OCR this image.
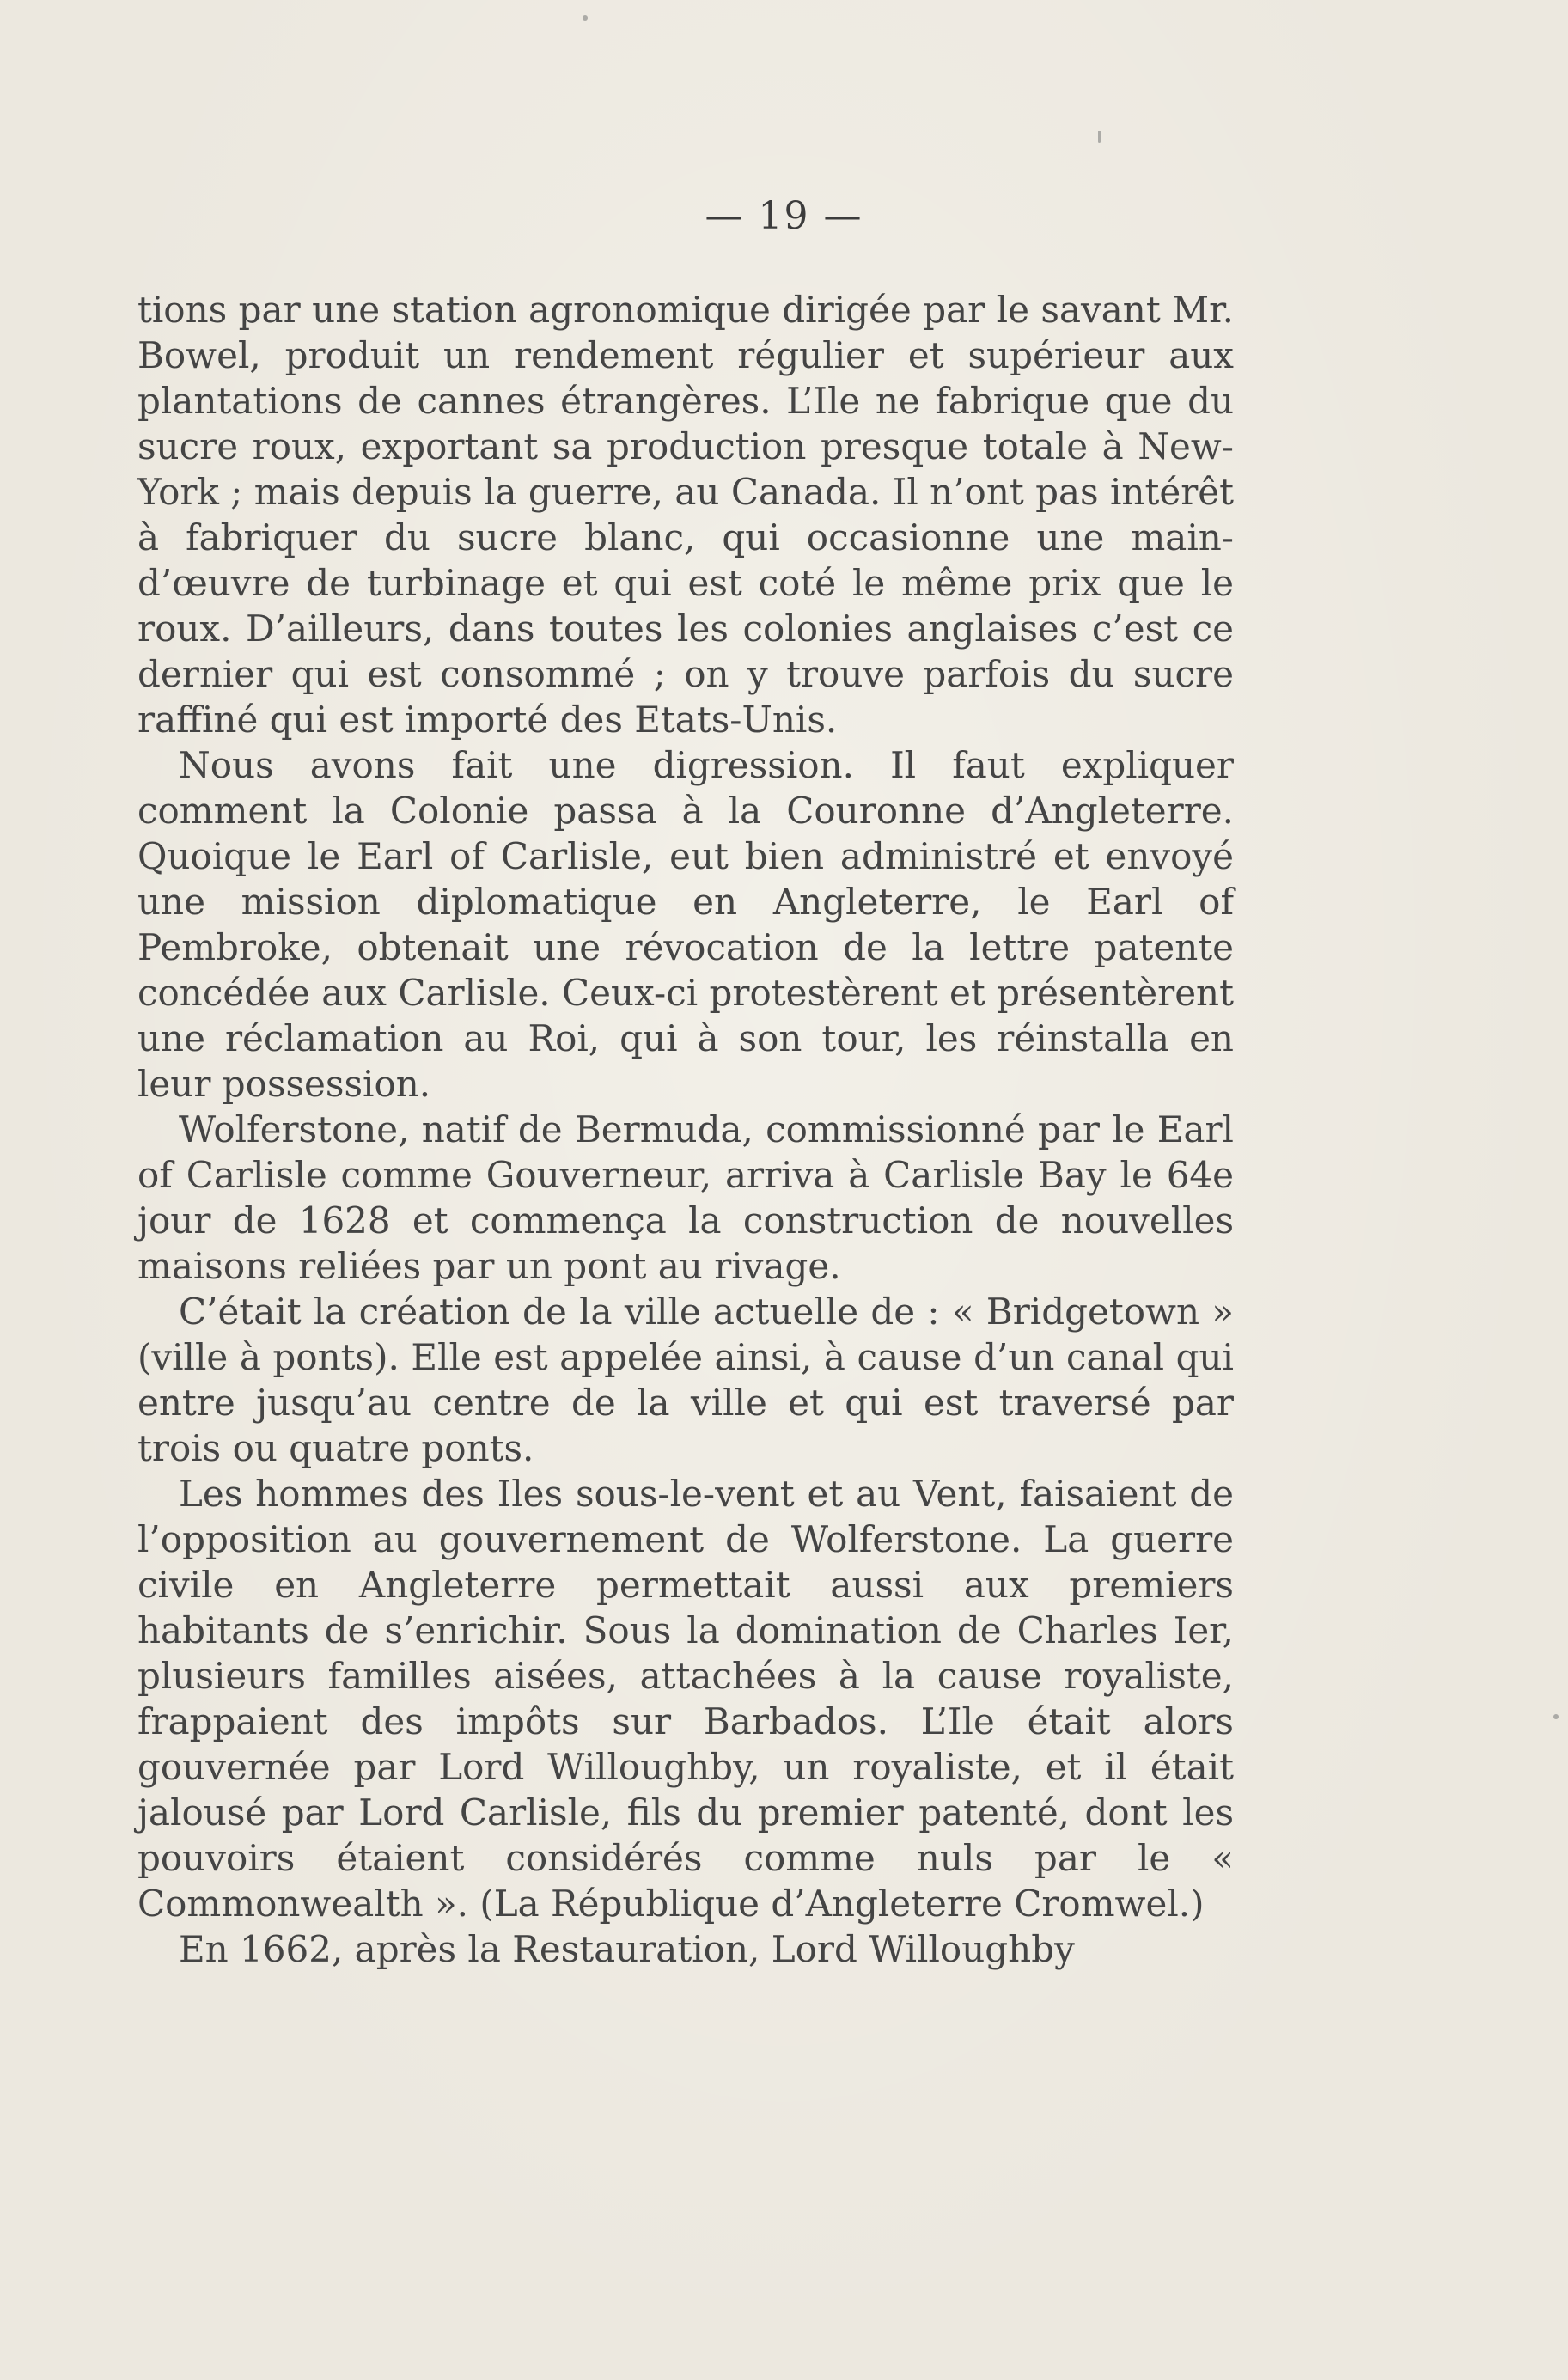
— 19 —

tions par une station agronomique dirigée par le savant Mr. Bowel, produit un rendement régulier et supérieur aux plantations de cannes étrangères. L’Ile ne fabrique que du sucre roux, exportant sa production presque totale à New-York ; mais depuis la guerre, au Canada. Il n’ont pas intérêt à fabriquer du sucre blanc, qui occasionne une main-d’œuvre de turbinage et qui est coté le même prix que le roux. D’ailleurs, dans toutes les colonies anglaises c’est ce dernier qui est consommé ; on y trouve parfois du sucre raffiné qui est importé des Etats-Unis.

Nous avons fait une digression. Il faut expliquer comment la Colonie passa à la Couronne d’Angleterre. Quoique le Earl of Carlisle, eut bien administré et envoyé une mission diplomatique en Angleterre, le Earl of Pembroke, obtenait une révocation de la lettre patente concédée aux Carlisle. Ceux-ci protestèrent et présentèrent une réclamation au Roi, qui à son tour, les réinstalla en leur possession.

Wolferstone, natif de Bermuda, commissionné par le Earl of Carlisle comme Gouverneur, arriva à Carlisle Bay le 64e jour de 1628 et commença la construction de nouvelles maisons reliées par un pont au rivage.

C’était la création de la ville actuelle de : « Bridgetown » (ville à ponts). Elle est appelée ainsi, à cause d’un canal qui entre jusqu’au centre de la ville et qui est traversé par trois ou quatre ponts.

Les hommes des Iles sous-le-vent et au Vent, faisaient de l’opposition au gouvernement de Wolferstone. La guerre civile en Angleterre permettait aussi aux premiers habitants de s’enrichir. Sous la domination de Charles Ier, plusieurs familles aisées, attachées à la cause royaliste, frappaient des impôts sur Barbados. L’Ile était alors gouvernée par Lord Willoughby, un royaliste, et il était jalousé par Lord Carlisle, fils du premier patenté, dont les pouvoirs étaient considérés comme nuls par le « Commonwealth ». (La République d’Angleterre Cromwel.)

En 1662, après la Restauration, Lord Willoughby
